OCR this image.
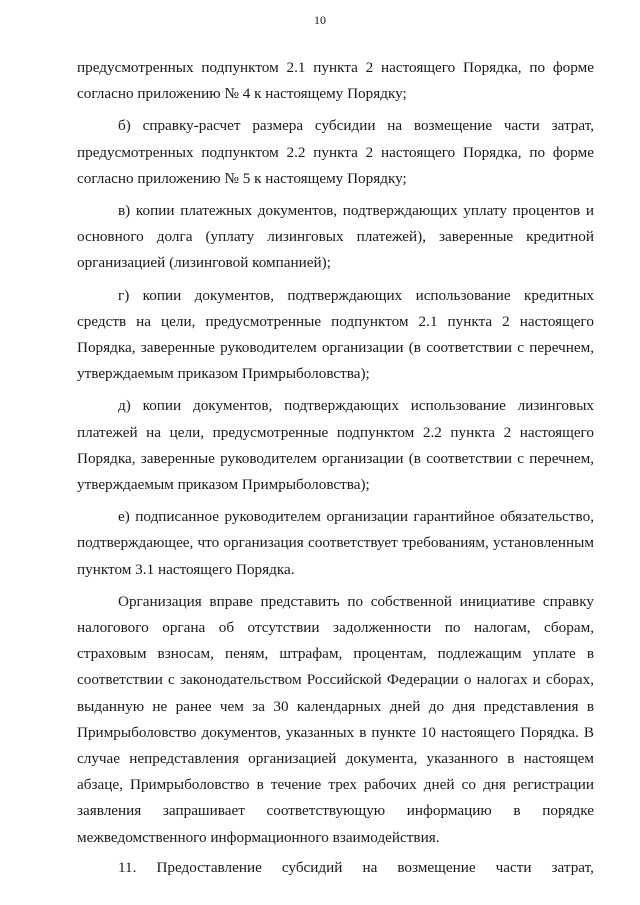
10

предусмотренных подпунктом 2.1 пункта 2 настоящего Порядка, по форме согласно приложению № 4 к настоящему Порядку;

б) справку-расчет размера субсидии на возмещение части затрат, предусмотренных подпунктом 2.2 пункта 2 настоящего Порядка, по форме согласно приложению № 5 к настоящему Порядку;

в) копии платежных документов, подтверждающих уплату процентов и основного долга (уплату лизинговых платежей), заверенные кредитной организацией (лизинговой компанией);

г) копии документов, подтверждающих использование кредитных средств на цели, предусмотренные подпунктом 2.1 пункта 2 настоящего Порядка, заверенные руководителем организации (в соответствии с перечнем, утверждаемым приказом Примрыболовства);

д) копии документов, подтверждающих использование лизинговых платежей на цели, предусмотренные подпунктом 2.2 пункта 2 настоящего Порядка, заверенные руководителем организации (в соответствии с перечнем, утверждаемым приказом Примрыболовства);

е) подписанное руководителем организации гарантийное обязательство, подтверждающее, что организация соответствует требованиям, установленным пунктом 3.1 настоящего Порядка.

Организация вправе представить по собственной инициативе справку налогового органа об отсутствии задолженности по налогам, сборам, страховым взносам, пеням, штрафам, процентам, подлежащим уплате в соответствии с законодательством Российской Федерации о налогах и сборах, выданную не ранее чем за 30 календарных дней до дня представления в Примрыболовство документов, указанных в пункте 10 настоящего Порядка. В случае непредставления организацией документа, указанного в настоящем абзаце, Примрыболовство в течение трех рабочих дней со дня регистрации заявления запрашивает соответствующую информацию в порядке межведомственного информационного взаимодействия.

11. Предоставление субсидий на возмещение части затрат,
